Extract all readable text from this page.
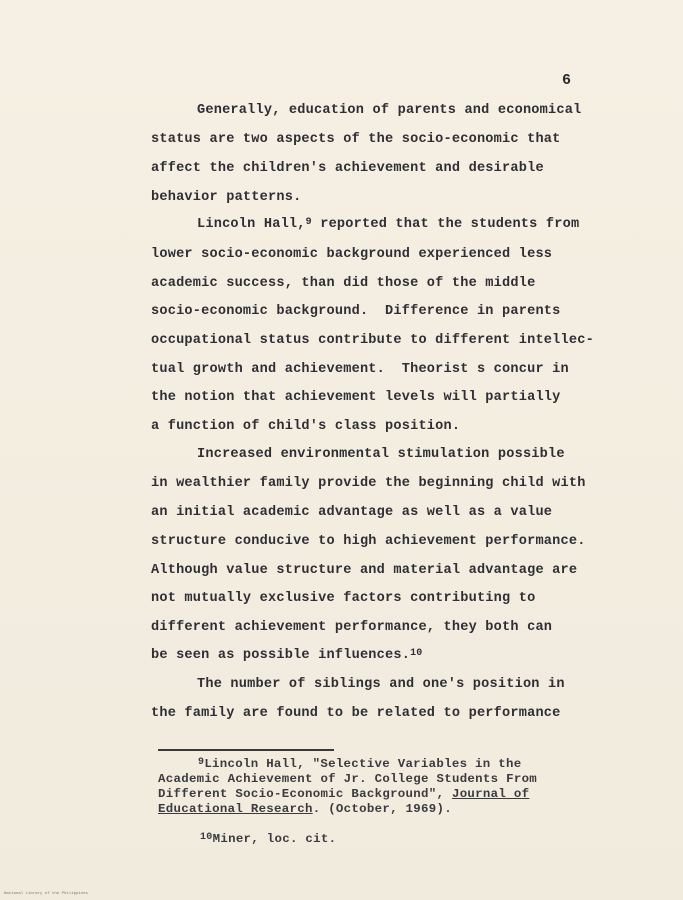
6
Generally, education of parents and economical
status are two aspects of the socio-economic that
affect the children's achievement and desirable
behavior patterns.
Lincoln Hall,$^9$ reported that the students from
lower socio-economic background experienced less
academic success, than did those of the middle
socio-economic background.  Difference in parents
occupational status contribute to different intellec-
tual growth and achievement.  Theorist s concur in
the notion that achievement levels will partially
a function of child's class position.
Increased environmental stimulation possible
in wealthier family provide the beginning child with
an initial academic advantage as well as a value
structure conducive to high achievement performance.
Although value structure and material advantage are
not mutually exclusive factors contributing to
different achievement performance, they both can
be seen as possible influences.$^{10}$
The number of siblings and one's position in
the family are found to be related to performance
$^9$Lincoln Hall, "Selective Variables in the
Academic Achievement of Jr. College Students From
Different Socio-Economic Background", Journal of
Educational Research. (October, 1969).
$^{10}$Miner, loc. cit.
National Library of the Philippines
